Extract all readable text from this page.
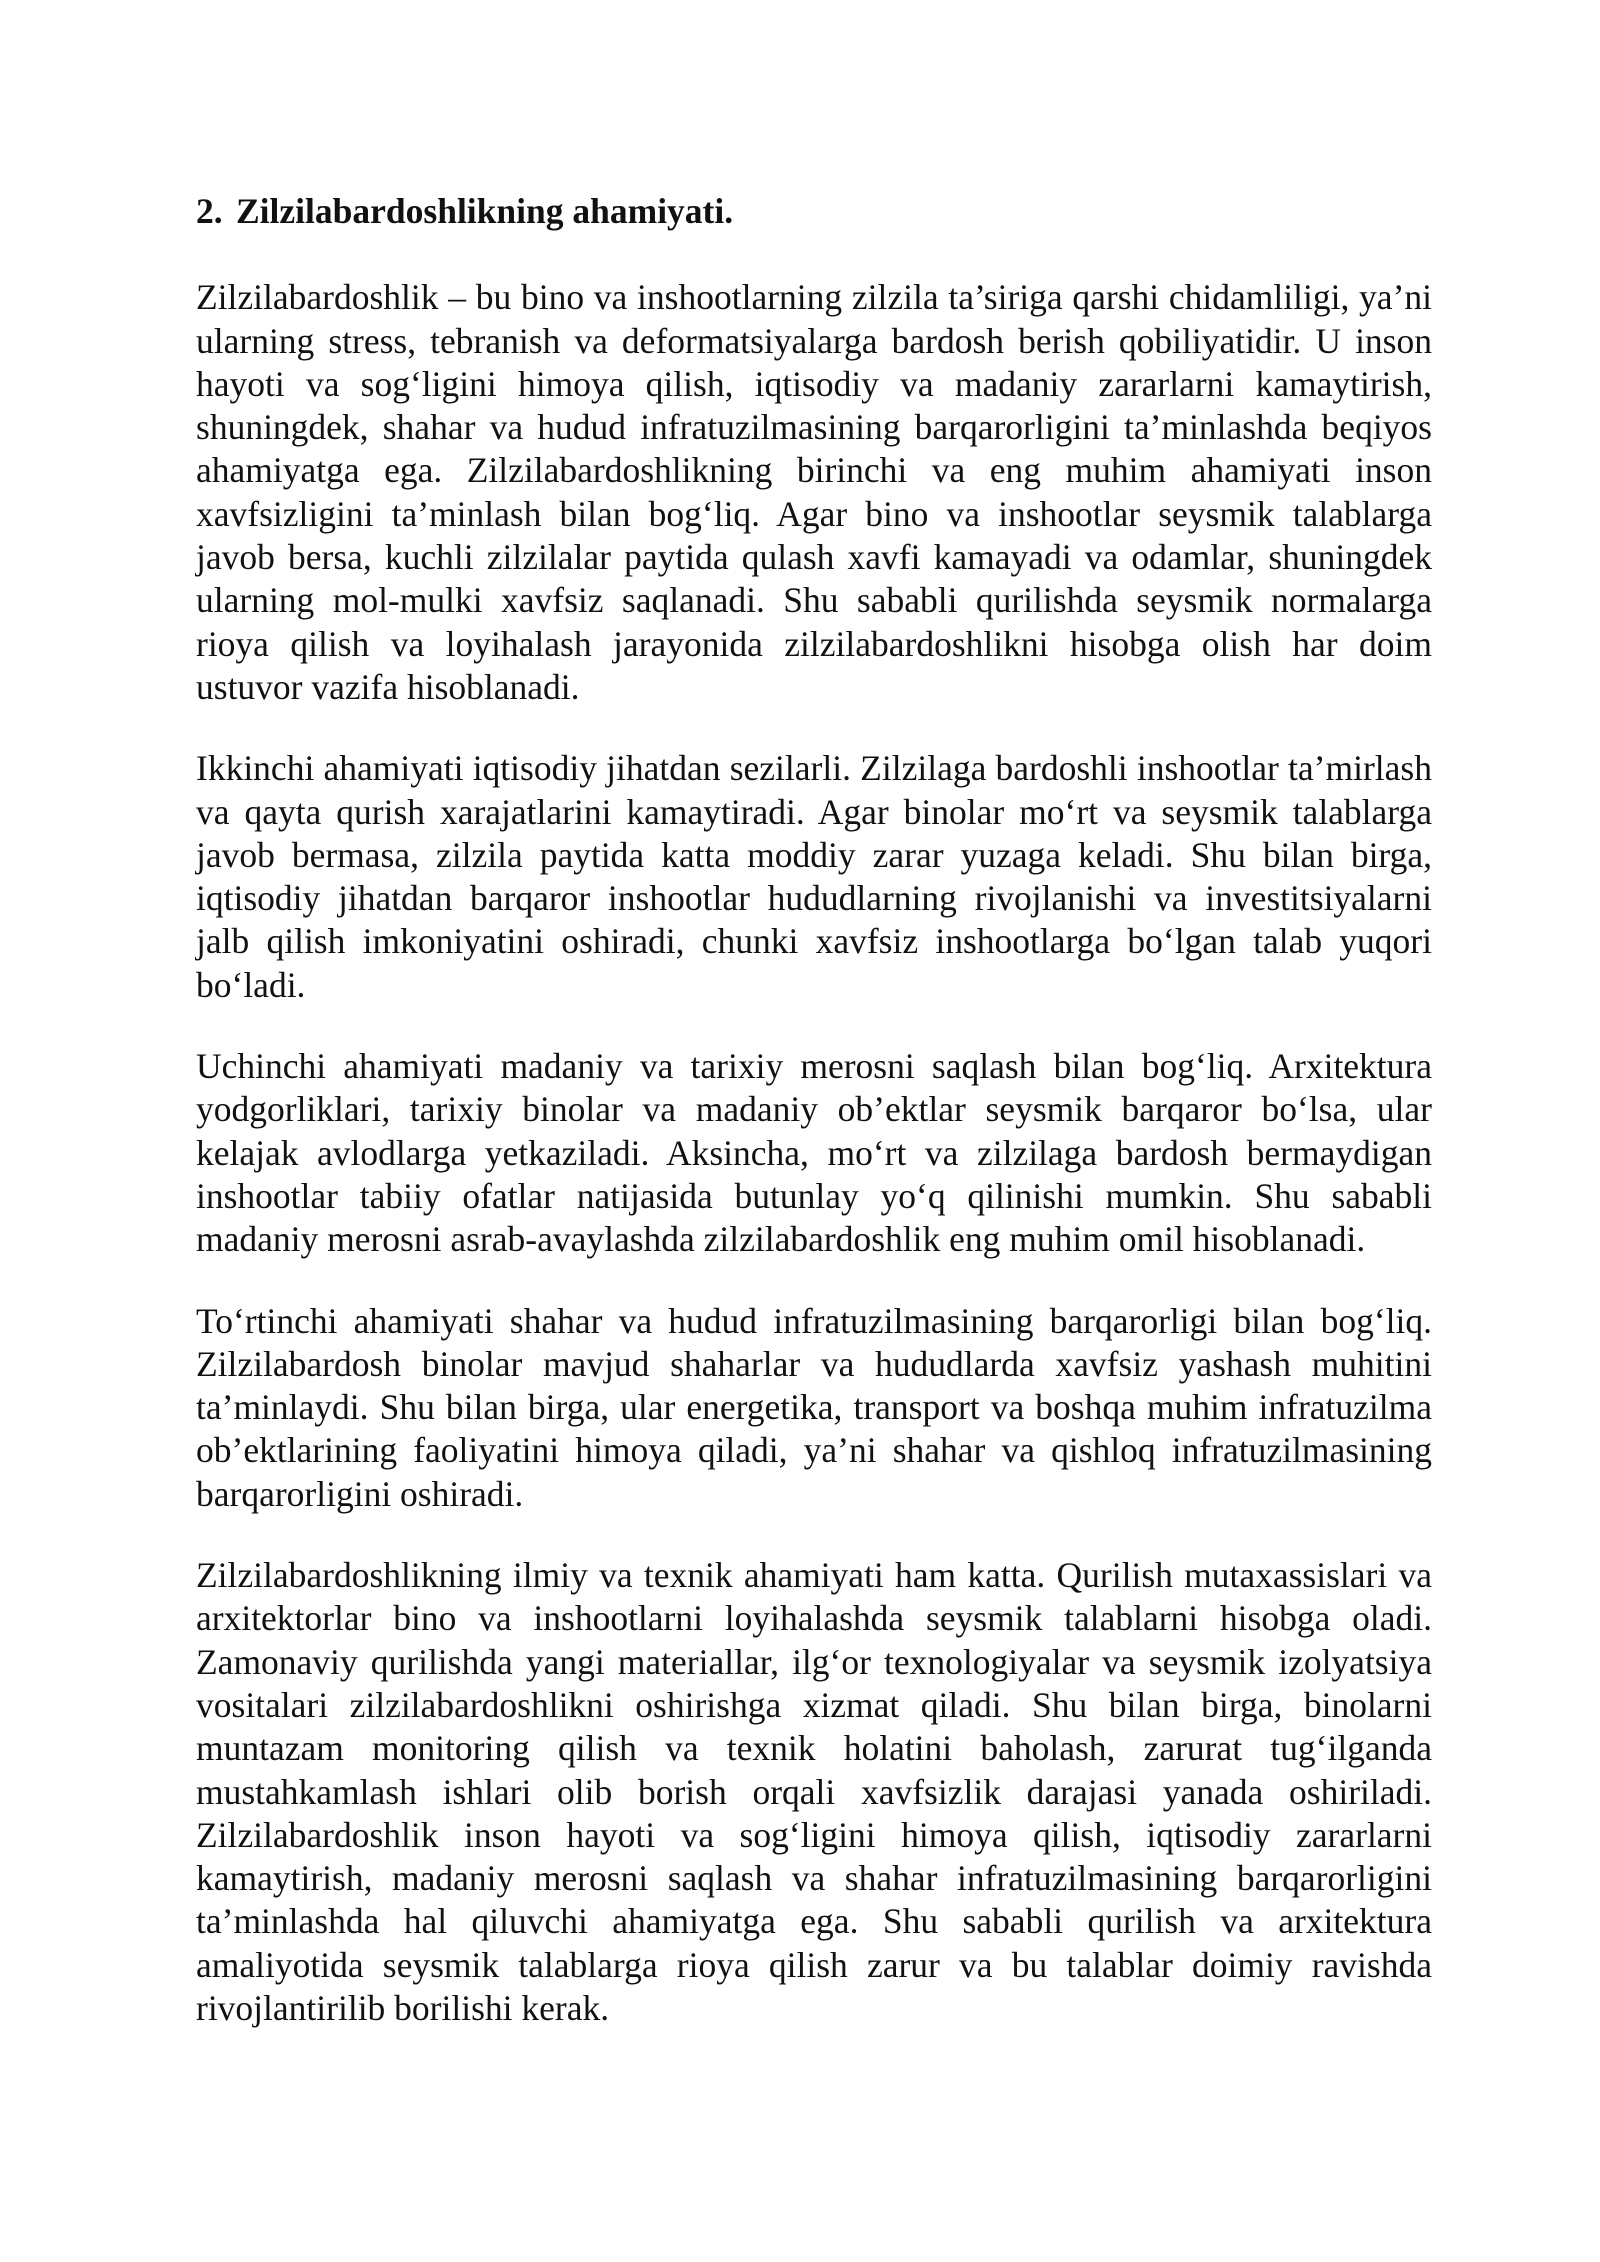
2. Zilzilabardoshlikning ahamiyati.

Zilzilabardoshlik – bu bino va inshootlarning zilzila ta’siriga qarshi chidamliligi, ya’ni ularning stress, tebranish va deformatsiyalarga bardosh berish qobiliyatidir. U inson hayoti va sog‘ligini himoya qilish, iqtisodiy va madaniy zararlarni kamaytirish, shuningdek, shahar va hudud infratuzilmasining barqarorligini ta’minlashda beqiyos ahamiyatga ega. Zilzilabardoshlikning birinchi va eng muhim ahamiyati inson xavfsizligini ta’minlash bilan bog‘liq. Agar bino va inshootlar seysmik talablarga javob bersa, kuchli zilzilalar paytida qulash xavfi kamayadi va odamlar, shuningdek ularning mol-mulki xavfsiz saqlanadi. Shu sababli qurilishda seysmik normalarga rioya qilish va loyihalash jarayonida zilzilabardoshlikni hisobga olish har doim ustuvor vazifa hisoblanadi.

Ikkinchi ahamiyati iqtisodiy jihatdan sezilarli. Zilzilaga bardoshli inshootlar ta’mirlash va qayta qurish xarajatlarini kamaytiradi. Agar binolar mo‘rt va seysmik talablarga javob bermasa, zilzila paytida katta moddiy zarar yuzaga keladi. Shu bilan birga, iqtisodiy jihatdan barqaror inshootlar hududlarning rivojlanishi va investitsiyalarni jalb qilish imkoniyatini oshiradi, chunki xavfsiz inshootlarga bo‘lgan talab yuqori bo‘ladi.

Uchinchi ahamiyati madaniy va tarixiy merosni saqlash bilan bog‘liq. Arxitektura yodgorliklari, tarixiy binolar va madaniy ob’ektlar seysmik barqaror bo‘lsa, ular kelajak avlodlarga yetkaziladi. Aksincha, mo‘rt va zilzilaga bardosh bermaydigan inshootlar tabiiy ofatlar natijasida butunlay yo‘q qilinishi mumkin. Shu sababli madaniy merosni asrab-avaylashda zilzilabardoshlik eng muhim omil hisoblanadi.

To‘rtinchi ahamiyati shahar va hudud infratuzilmasining barqarorligi bilan bog‘liq. Zilzilabardosh binolar mavjud shaharlar va hududlarda xavfsiz yashash muhitini ta’minlaydi. Shu bilan birga, ular energetika, transport va boshqa muhim infratuzilma ob’ektlarining faoliyatini himoya qiladi, ya’ni shahar va qishloq infratuzilmasining barqarorligini oshiradi.

Zilzilabardoshlikning ilmiy va texnik ahamiyati ham katta. Qurilish mutaxassislari va arxitektorlar bino va inshootlarni loyihalashda seysmik talablarni hisobga oladi. Zamonaviy qurilishda yangi materiallar, ilg‘or texnologiyalar va seysmik izolyatsiya vositalari zilzilabardoshlikni oshirishga xizmat qiladi. Shu bilan birga, binolarni muntazam monitoring qilish va texnik holatini baholash, zarurat tug‘ilganda mustahkamlash ishlari olib borish orqali xavfsizlik darajasi yanada oshiriladi. Zilzilabardoshlik inson hayoti va sog‘ligini himoya qilish, iqtisodiy zararlarni kamaytirish, madaniy merosni saqlash va shahar infratuzilmasining barqarorligini ta’minlashda hal qiluvchi ahamiyatga ega. Shu sababli qurilish va arxitektura amaliyotida seysmik talablarga rioya qilish zarur va bu talablar doimiy ravishda rivojlantirilib borilishi kerak.
